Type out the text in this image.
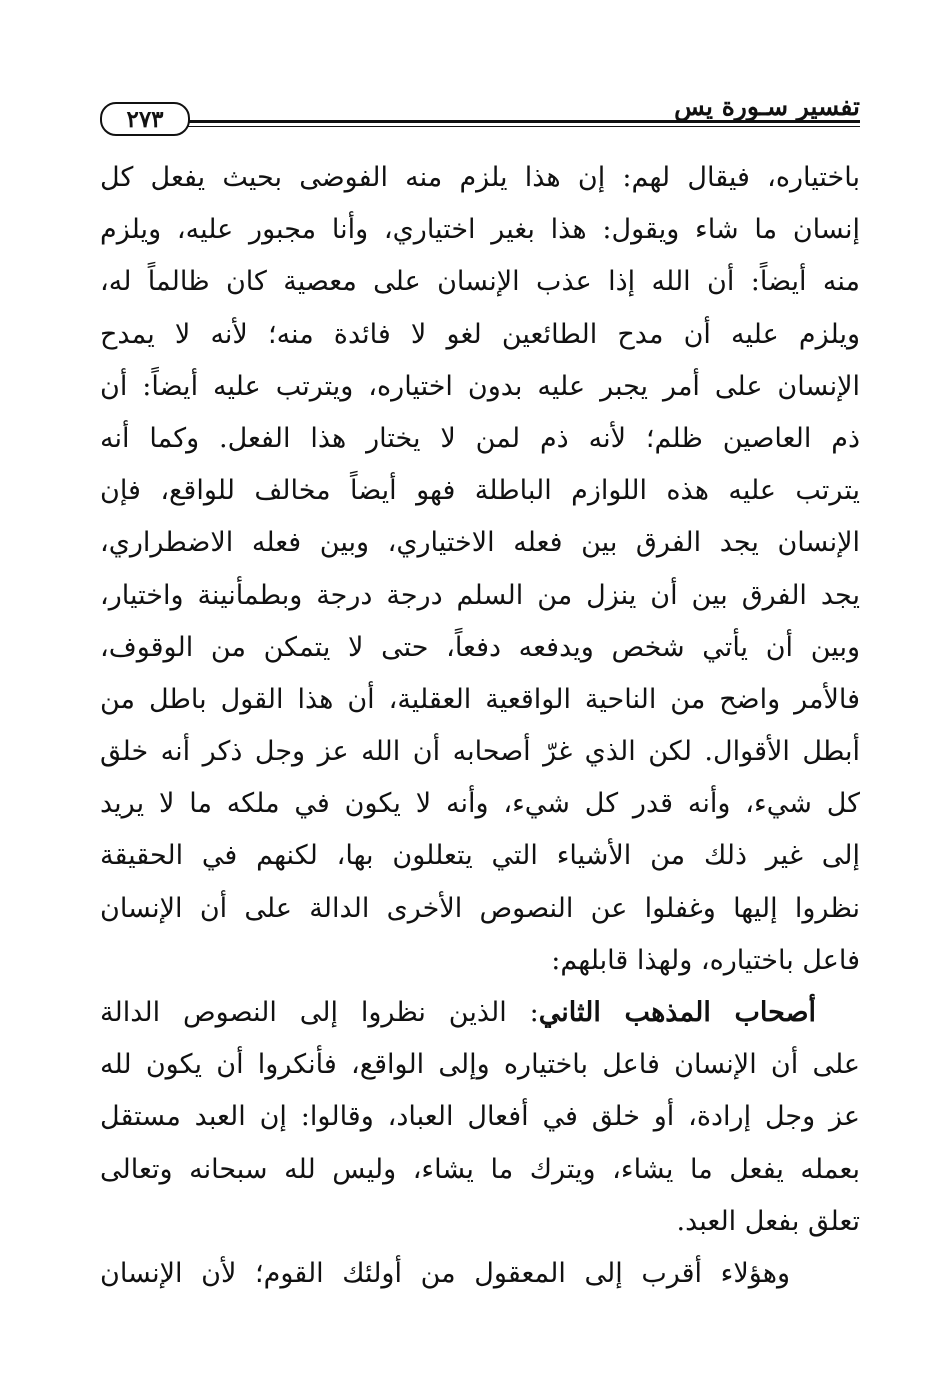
تفسير سـورة يس
٢٧٣
باختياره، فيقال لهم: إن هذا يلزم منه الفوضى بحيث يفعل كل
إنسان ما شاء ويقول: هذا بغير اختياري، وأنا مجبور عليه، ويلزم
منه أيضاً: أن الله إذا عذب الإنسان على معصية كان ظالماً له،
ويلزم عليه أن مدح الطائعين لغو لا فائدة منه؛ لأنه لا يمدح
الإنسان على أمر يجبر عليه بدون اختياره، ويترتب عليه أيضاً: أن
ذم العاصين ظلم؛ لأنه ذم لمن لا يختار هذا الفعل. وكما أنه
يترتب عليه هذه اللوازم الباطلة فهو أيضاً مخالف للواقع، فإن
الإنسان يجد الفرق بين فعله الاختياري، وبين فعله الاضطراري،
يجد الفرق بين أن ينزل من السلم درجة درجة وبطمأنينة واختيار،
وبين أن يأتي شخص ويدفعه دفعاً، حتى لا يتمكن من الوقوف،
فالأمر واضح من الناحية الواقعية العقلية، أن هذا القول باطل من
أبطل الأقوال. لكن الذي غرّ أصحابه أن الله عز وجل ذكر أنه خلق
كل شيء، وأنه قدر كل شيء، وأنه لا يكون في ملكه ما لا يريد
إلى غير ذلك من الأشياء التي يتعللون بها، لكنهم في الحقيقة
نظروا إليها وغفلوا عن النصوص الأخرى الدالة على أن الإنسان
فاعل باختياره، ولهذا قابلهم:
أصحاب المذهب الثاني: الذين نظروا إلى النصوص الدالة
على أن الإنسان فاعل باختياره وإلى الواقع، فأنكروا أن يكون لله
عز وجل إرادة، أو خلق في أفعال العباد، وقالوا: إن العبد مستقل
بعمله يفعل ما يشاء، ويترك ما يشاء، وليس لله سبحانه وتعالى
تعلق بفعل العبد.
وهؤلاء أقرب إلى المعقول من أولئك القوم؛ لأن الإنسان
